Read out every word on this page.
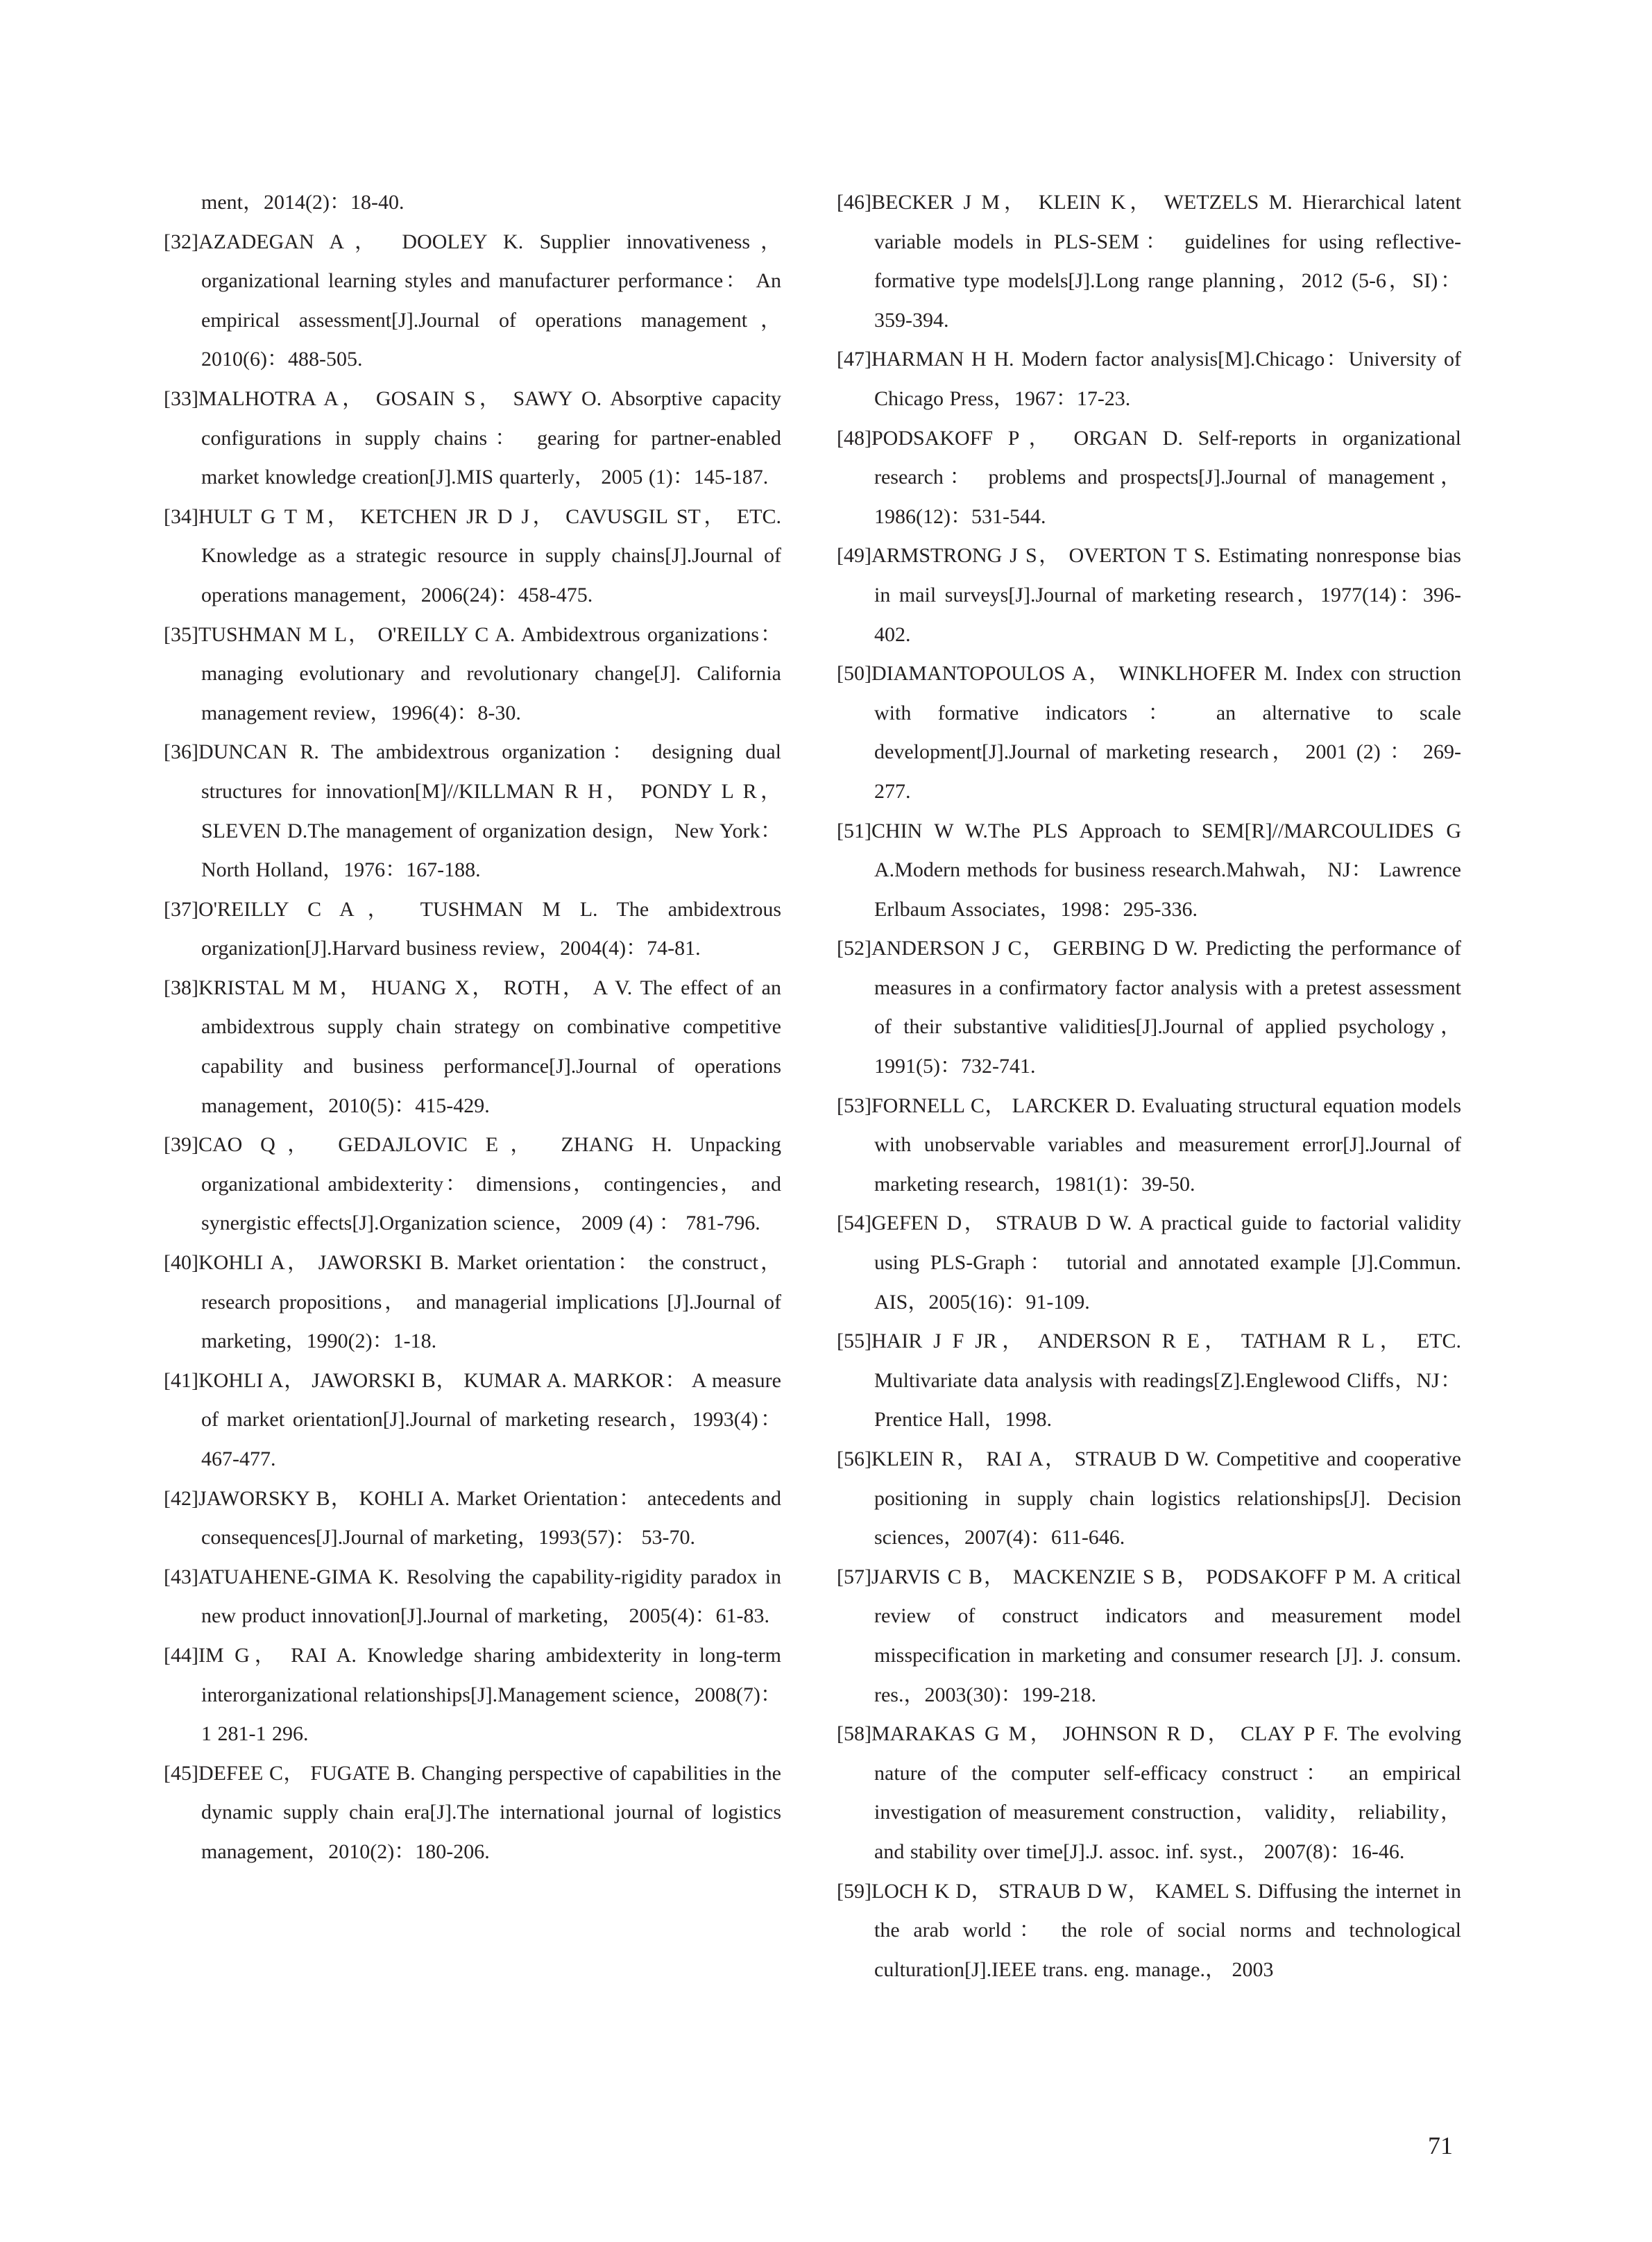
ment，2014(2)：18-40.
[32]AZADEGAN A， DOOLEY K. Supplier innovativeness， organizational learning styles and manufacturer performance： An empirical assessment[J].Journal of operations management，2010(6)：488-505.
[33]MALHOTRA A， GOSAIN S， SAWY O. Absorptive capacity configurations in supply chains： gearing for partner-enabled market knowledge creation[J].MIS quarterly， 2005 (1)：145-187.
[34]HULT G T M， KETCHEN JR D J， CAVUSGIL ST， ETC. Knowledge as a strategic resource in supply chains[J].Journal of operations management，2006(24)：458-475.
[35]TUSHMAN M L， O'REILLY C A. Ambidextrous organizations： managing evolutionary and revolutionary change[J]. California management review，1996(4)：8-30.
[36]DUNCAN R. The ambidextrous organization： designing dual structures for innovation[M]//KILLMAN R H， PONDY L R， SLEVEN D.The management of organization design， New York：North Holland，1976：167-188.
[37]O'REILLY C A， TUSHMAN M L. The ambidextrous organization[J].Harvard business review，2004(4)：74-81.
[38]KRISTAL M M， HUANG X， ROTH， A V. The effect of an ambidextrous supply chain strategy on combinative competitive capability and business performance[J].Journal of operations management，2010(5)：415-429.
[39]CAO Q， GEDAJLOVIC E， ZHANG H. Unpacking organizational ambidexterity： dimensions， contingencies， and synergistic effects[J].Organization science， 2009 (4) ： 781-796.
[40]KOHLI A， JAWORSKI B. Market orientation： the construct， research propositions， and managerial implications [J].Journal of marketing，1990(2)：1-18.
[41]KOHLI A， JAWORSKI B， KUMAR A. MARKOR： A measure of market orientation[J].Journal of marketing research，1993(4)：467-477.
[42]JAWORSKY B， KOHLI A. Market Orientation： antecedents and consequences[J].Journal of marketing，1993(57)： 53-70.
[43]ATUAHENE-GIMA K. Resolving the capability-rigidity paradox in new product innovation[J].Journal of marketing， 2005(4)：61-83.
[44]IM G， RAI A. Knowledge sharing ambidexterity in long-term interorganizational relationships[J].Management science，2008(7)：1 281-1 296.
[45]DEFEE C， FUGATE B. Changing perspective of capabilities in the dynamic supply chain era[J].The international journal of logistics management，2010(2)：180-206.
[46]BECKER J M， KLEIN K， WETZELS M. Hierarchical latent variable models in PLS-SEM： guidelines for using reflective-formative type models[J].Long range planning，2012 (5-6，SI)：359-394.
[47]HARMAN H H. Modern factor analysis[M].Chicago：University of Chicago Press，1967：17-23.
[48]PODSAKOFF P， ORGAN D. Self-reports in organizational research： problems and prospects[J].Journal of management，1986(12)：531-544.
[49]ARMSTRONG J S， OVERTON T S. Estimating nonresponse bias in mail surveys[J].Journal of marketing research，1977(14)：396-402.
[50]DIAMANTOPOULOS A， WINKLHOFER M. Index con struction with formative indicators： an alternative to scale development[J].Journal of marketing research， 2001 (2) ： 269-277.
[51]CHIN W W.The PLS Approach to SEM[R]//MARCOULIDES G A.Modern methods for business research.Mahwah， NJ： Lawrence Erlbaum Associates，1998：295-336.
[52]ANDERSON J C， GERBING D W. Predicting the performance of measures in a confirmatory factor analysis with a pretest assessment of their substantive validities[J].Journal of applied psychology，1991(5)：732-741.
[53]FORNELL C， LARCKER D. Evaluating structural equation models with unobservable variables and measurement error[J].Journal of marketing research，1981(1)：39-50.
[54]GEFEN D， STRAUB D W. A practical guide to factorial validity using PLS-Graph： tutorial and annotated example [J].Commun. AIS，2005(16)：91-109.
[55]HAIR J F JR， ANDERSON R E， TATHAM R L， ETC. Multivariate data analysis with readings[Z].Englewood Cliffs，NJ：Prentice Hall，1998.
[56]KLEIN R， RAI A， STRAUB D W. Competitive and cooperative positioning in supply chain logistics relationships[J]. Decision sciences，2007(4)：611-646.
[57]JARVIS C B， MACKENZIE S B， PODSAKOFF P M. A critical review of construct indicators and measurement model misspecification in marketing and consumer research [J]. J. consum. res.，2003(30)：199-218.
[58]MARAKAS G M， JOHNSON R D， CLAY P F. The evolving nature of the computer self-efficacy construct： an empirical investigation of measurement construction， validity， reliability， and stability over time[J].J. assoc. inf. syst.， 2007(8)：16-46.
[59]LOCH K D， STRAUB D W， KAMEL S. Diffusing the internet in the arab world： the role of social norms and technological culturation[J].IEEE trans. eng. manage.， 2003
71
